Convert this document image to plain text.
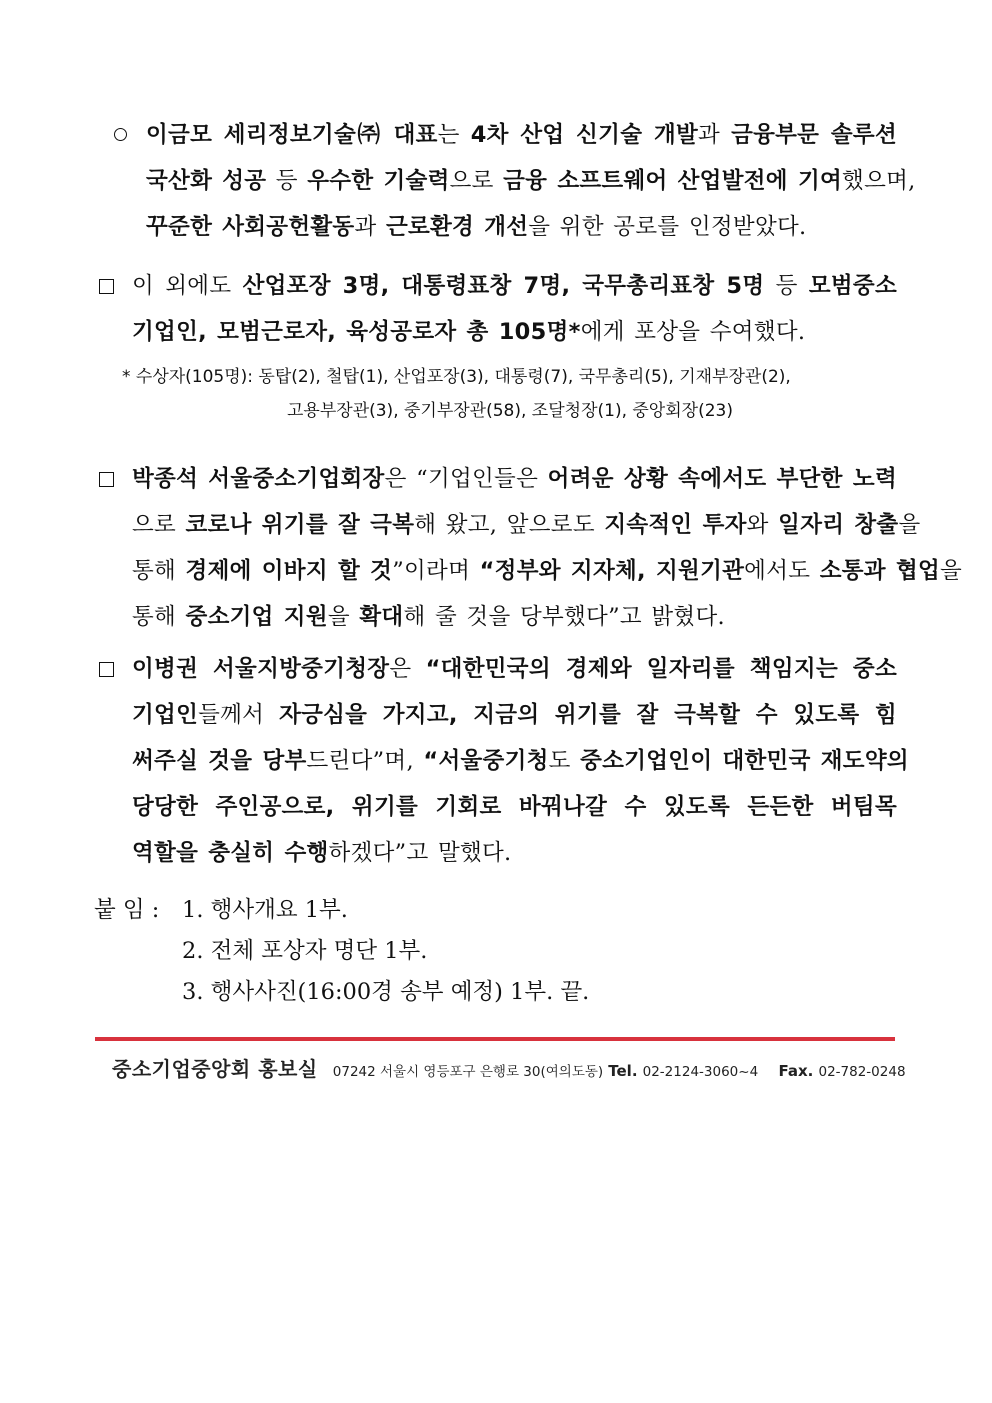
이금모 세리정보기술㈜ 대표는 4차 산업 신기술 개발과 금융부문 솔루션
국산화 성공 등 우수한 기술력으로 금융 소프트웨어 산업발전에 기여했으며,
꾸준한 사회공헌활동과 근로환경 개선을 위한 공로를 인정받았다.
이 외에도 산업포장 3명, 대통령표창 7명, 국무총리표창 5명 등 모범중소
기업인, 모범근로자, 육성공로자 총 105명*에게 포상을 수여했다.
* 수상자(105명): 동탑(2), 철탑(1), 산업포장(3), 대통령(7), 국무총리(5), 기재부장관(2),
고용부장관(3), 중기부장관(58), 조달청장(1), 중앙회장(23)
박종석 서울중소기업회장은 “기업인들은 어려운 상황 속에서도 부단한 노력
으로 코로나 위기를 잘 극복해 왔고, 앞으로도 지속적인 투자와 일자리 창출을
통해 경제에 이바지 할 것”이라며 “정부와 지자체, 지원기관에서도 소통과 협업을
통해 중소기업 지원을 확대해 줄 것을 당부했다”고 밝혔다.
이병권 서울지방중기청장은 “대한민국의 경제와 일자리를 책임지는 중소
기업인들께서 자긍심을 가지고, 지금의 위기를 잘 극복할 수 있도록 힘
써주실 것을 당부드린다”며, “서울중기청도 중소기업인이 대한민국 재도약의
당당한 주인공으로, 위기를 기회로 바꿔나갈 수 있도록 든든한 버팀목
역할을 충실히 수행하겠다”고 말했다.
붙 임 : 1. 행사개요 1부.
2. 전체 포상자 명단 1부.
3. 행사사진(16:00경 송부 예정) 1부. 끝.
중소기업중앙회 홍보실 07242 서울시 영등포구 은행로 30(여의도동) Tel. 02-2124-3060~4 Fax. 02-782-0248
